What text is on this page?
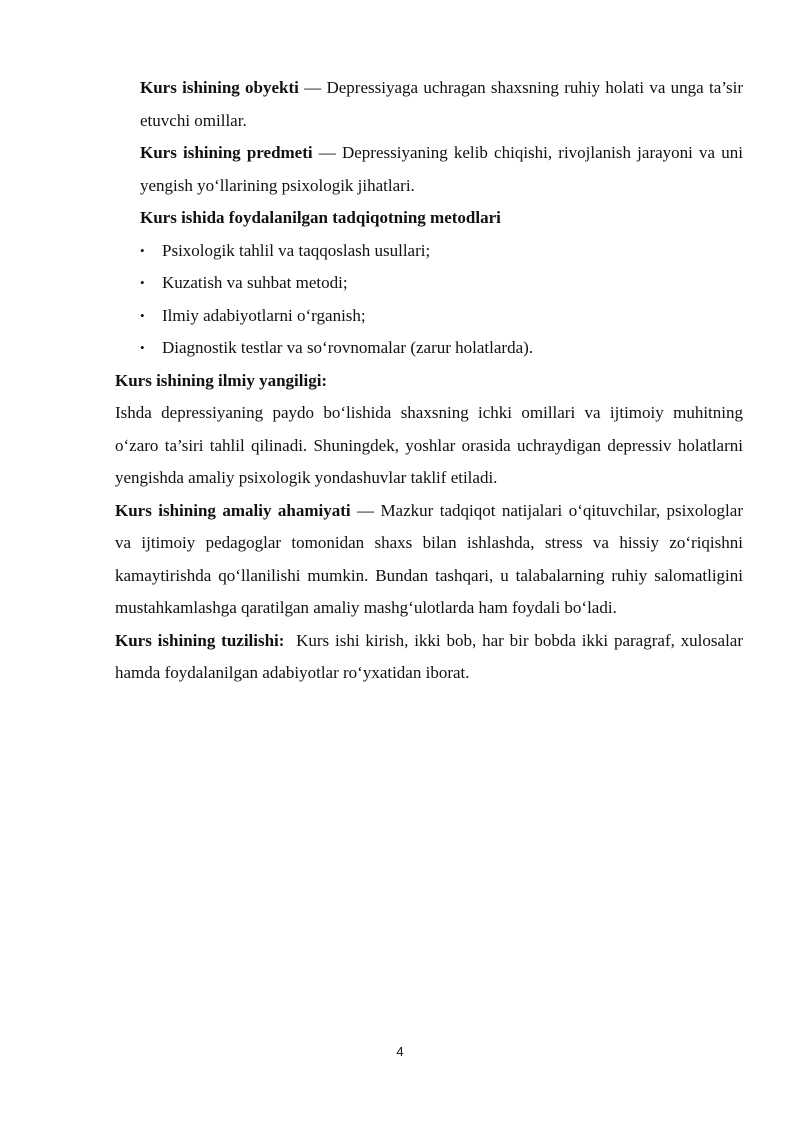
Kurs ishining obyekti — Depressiyaga uchragan shaxsning ruhiy holati va unga ta’sir etuvchi omillar.

Kurs ishining predmeti — Depressiyaning kelib chiqishi, rivojlanish jarayoni va uni yengish yo‘llarining psixologik jihatlari.

Kurs ishida foydalanilgan tadqiqotning metodlari

• Psixologik tahlil va taqqoslash usullari;
• Kuzatish va suhbat metodi;
• Ilmiy adabiyotlarni o‘rganish;
• Diagnostik testlar va so‘rovnomalar (zarur holatlarda).

Kurs ishining ilmiy yangiligi:

Ishda depressiyaning paydo bo‘lishida shaxsning ichki omillari va ijtimoiy muhitning o‘zaro ta’siri tahlil qilinadi. Shuningdek, yoshlar orasida uchraydigan depressiv holatlarni yengishda amaliy psixologik yondashuvlar taklif etiladi.

Kurs ishining amaliy ahamiyati — Mazkur tadqiqot natijalari o‘qituvchilar, psixologlar va ijtimoiy pedagoglar tomonidan shaxs bilan ishlashda, stress va hissiy zo‘riqishni kamaytirishda qo‘llanilishi mumkin. Bundan tashqari, u talabalarning ruhiy salomatligini mustahkamlashga qaratilgan amaliy mashg‘ulotlarda ham foydali bo‘ladi.

Kurs ishining tuzilishi:  Kurs ishi kirish, ikki bob, har bir bobda ikki paragraf, xulosalar hamda foydalanilgan adabiyotlar ro‘yxatidan iborat.

4
